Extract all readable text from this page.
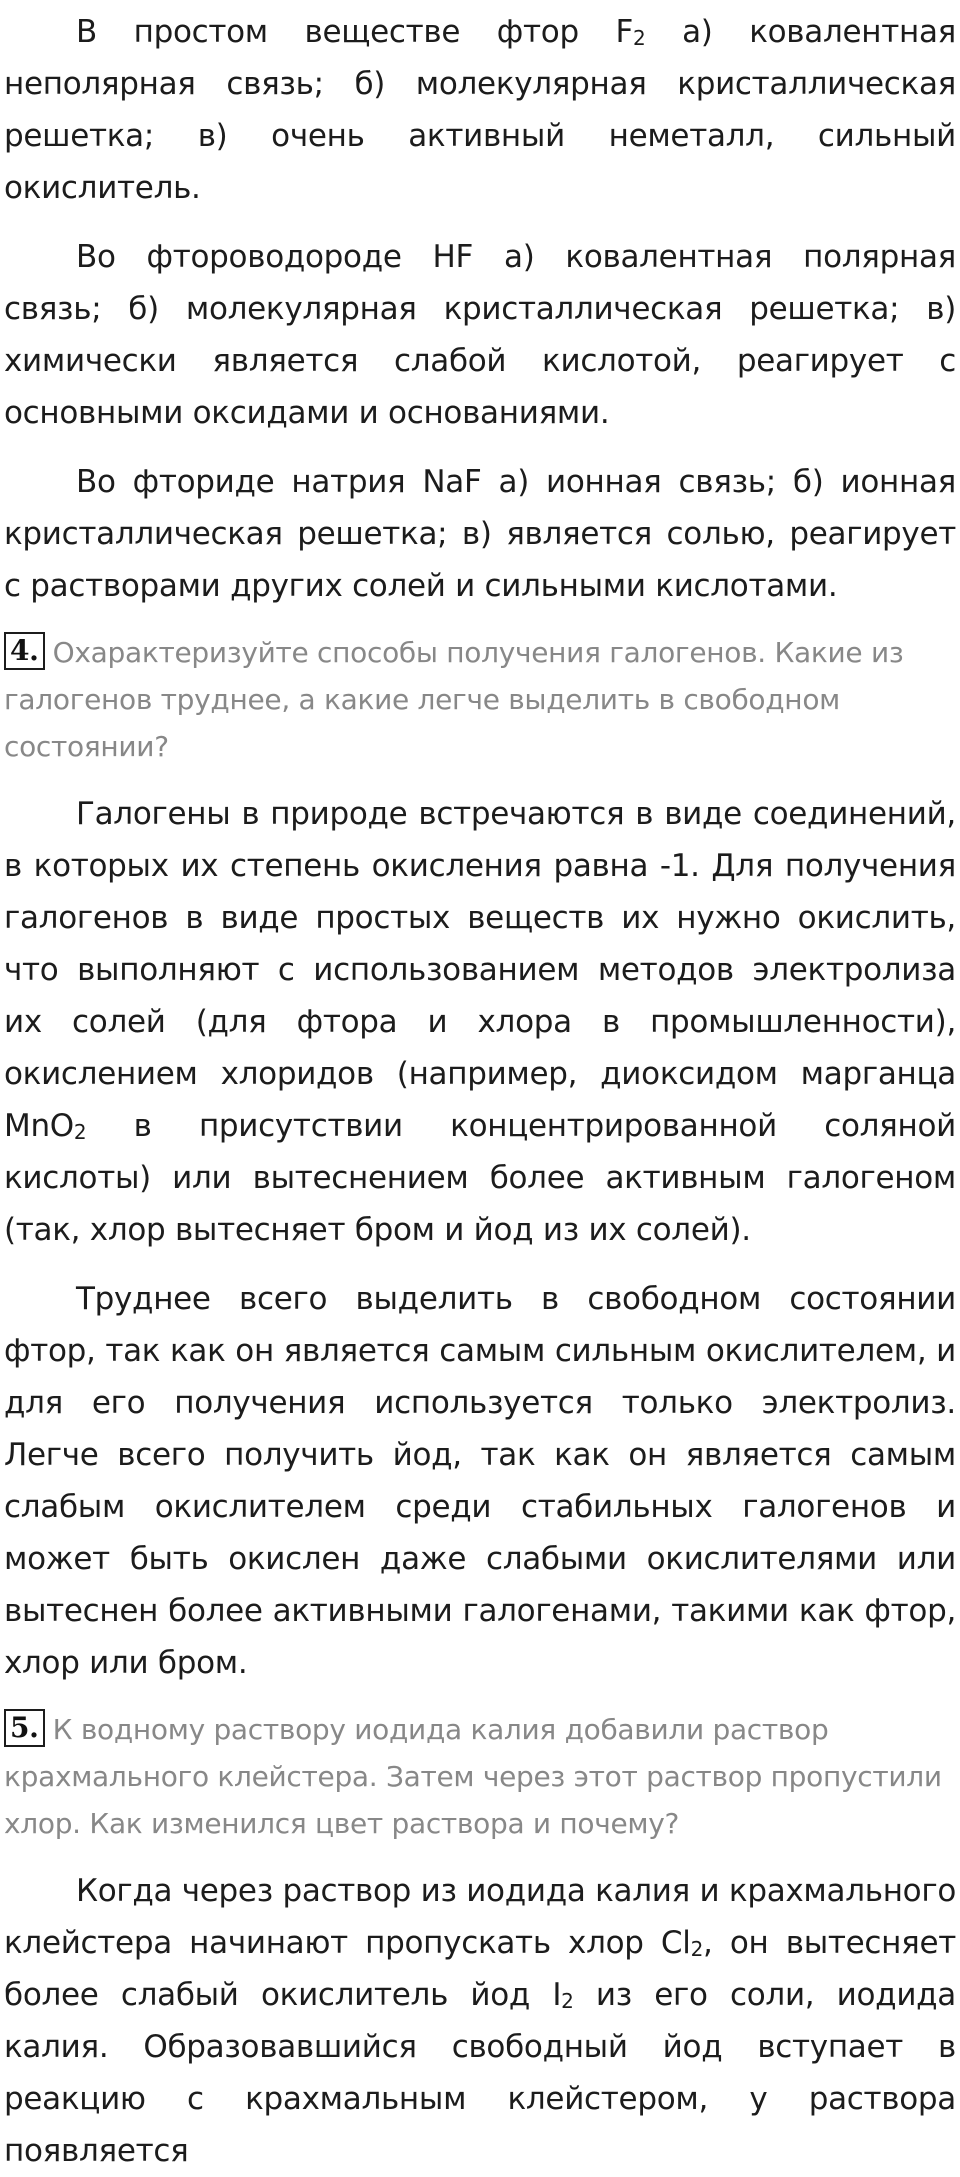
В простом веществе фтор $F_2$ а) ковалентная неполярная связь; б) молекулярная кристаллическая решетка; в) очень активный неметалл, сильный окислитель.

Во фтороводороде HF а) ковалентная полярная связь; б) молекулярная кристаллическая решетка; в) химически является слабой кислотой, реагирует с основными оксидами и основаниями.

Во фториде натрия NaF а) ионная связь; б) ионная кристаллическая решетка; в) является солью, реагирует с растворами других солей и сильными кислотами.

4. Охарактеризуйте способы получения галогенов. Какие из галогенов труднее, а какие легче выделить в свободном состоянии?

Галогены в природе встречаются в виде соединений, в которых их степень окисления равна -1. Для получения галогенов в виде простых веществ их нужно окислить, что выполняют с использованием методов электролиза их солей (для фтора и хлора в промышленности), окислением хлоридов (например, диоксидом марганца MnO$_2$ в присутствии концентрированной соляной кислоты) или вытеснением более активным галогеном (так, хлор вытесняет бром и йод из их солей).

Труднее всего выделить в свободном состоянии фтор, так как он является самым сильным окислителем, и для его получения используется только электролиз. Легче всего получить йод, так как он является самым слабым окислителем среди стабильных галогенов и может быть окислен даже слабыми окислителями или вытеснен более активными галогенами, такими как фтор, хлор или бром.

5. К водному раствору иодида калия добавили раствор крахмального клейстера. Затем через этот раствор пропустили хлор. Как изменился цвет раствора и почему?

Когда через раствор из иодида калия и крахмального клейстера начинают пропускать хлор $Cl_2$, он вытесняет более слабый окислитель йод $I_2$ из его соли, иодида калия. Образовавшийся свободный йод вступает в реакцию с крахмальным клейстером, у раствора появляется
